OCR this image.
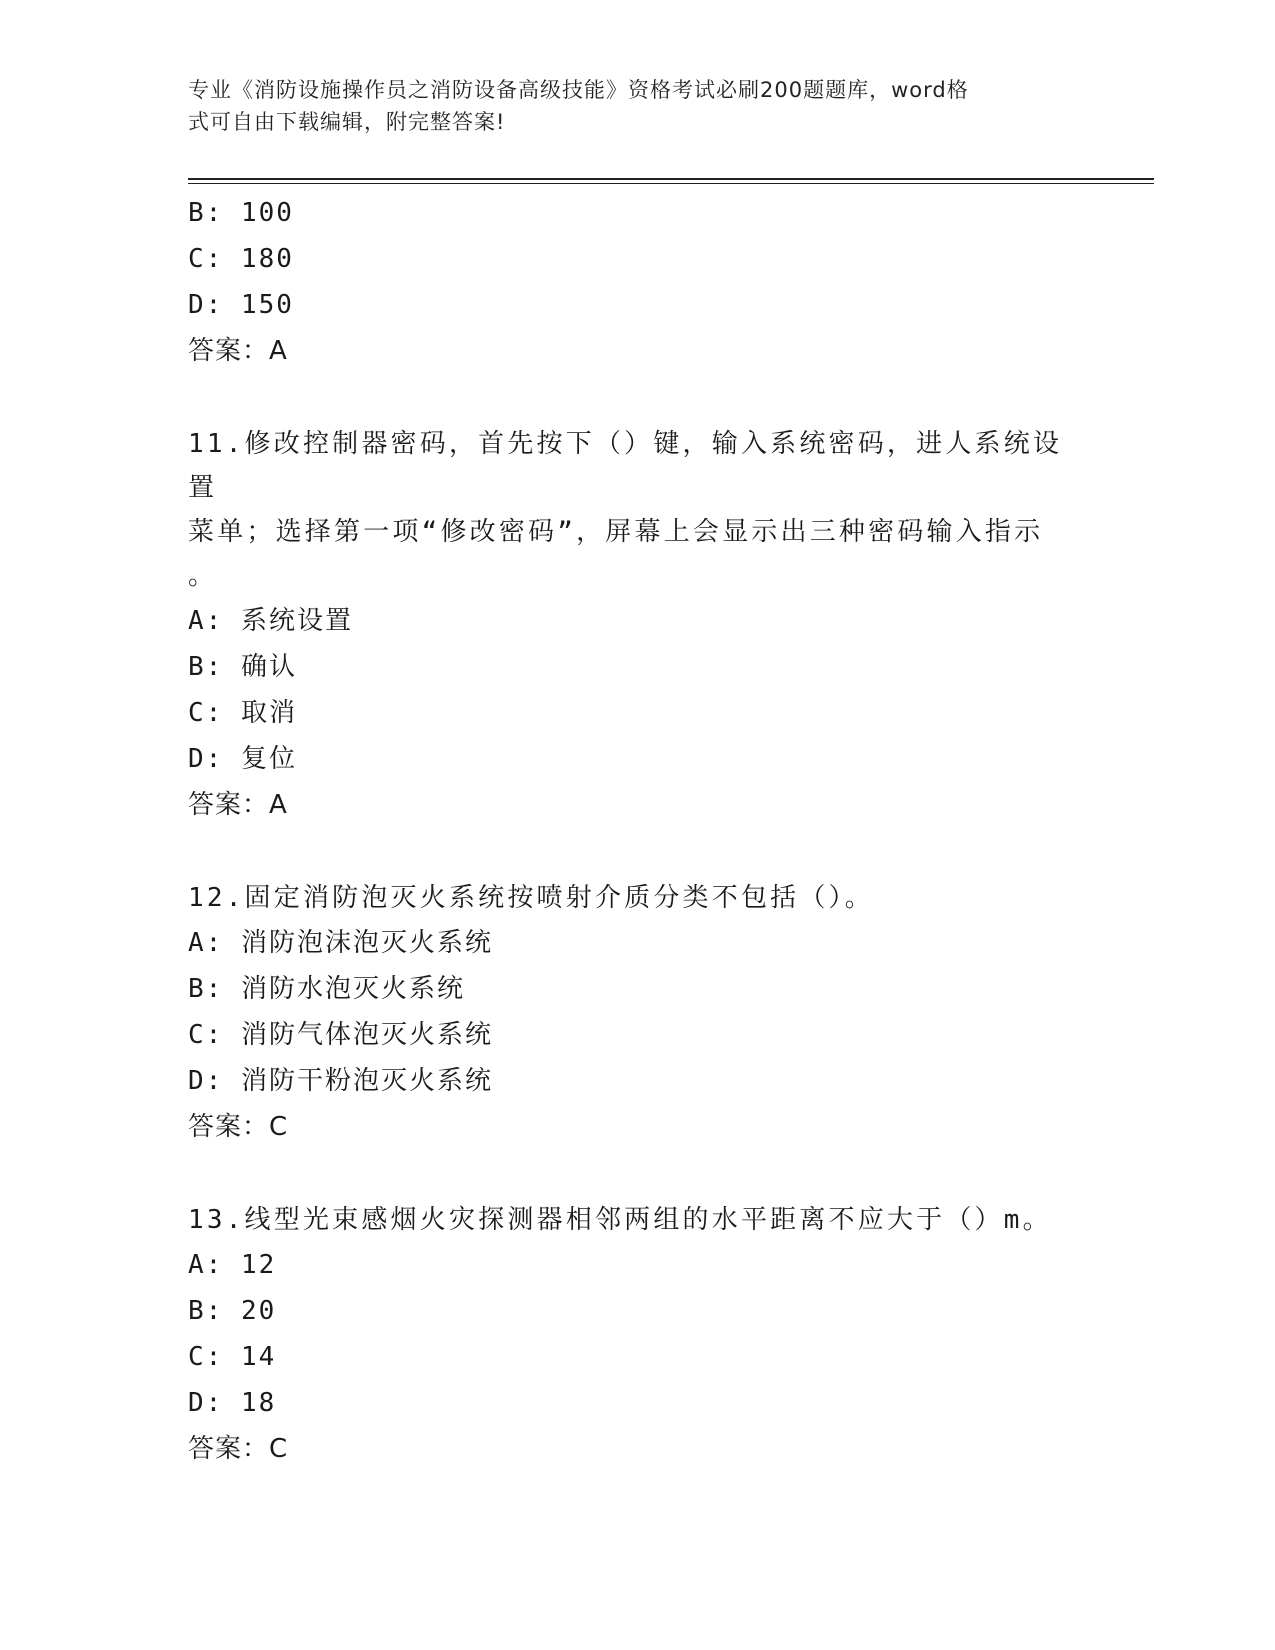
专业《消防设施操作员之消防设备高级技能》资格考试必刷200题题库，word格
式可自由下载编辑，附完整答案!
B: 100
C: 180
D: 150
答案：A
11.修改控制器密码，首先按下（）键，输入系统密码，进人系统设置
菜单；选择第一项“修改密码”，屏幕上会显示出三种密码输入指示
。
A: 系统设置
B: 确认
C: 取消
D: 复位
答案：A
12.固定消防泡灭火系统按喷射介质分类不包括（）。
A: 消防泡沫泡灭火系统
B: 消防水泡灭火系统
C: 消防气体泡灭火系统
D: 消防干粉泡灭火系统
答案：C
13.线型光束感烟火灾探测器相邻两组的水平距离不应大于（）m。
A: 12
B: 20
C: 14
D: 18
答案：C
